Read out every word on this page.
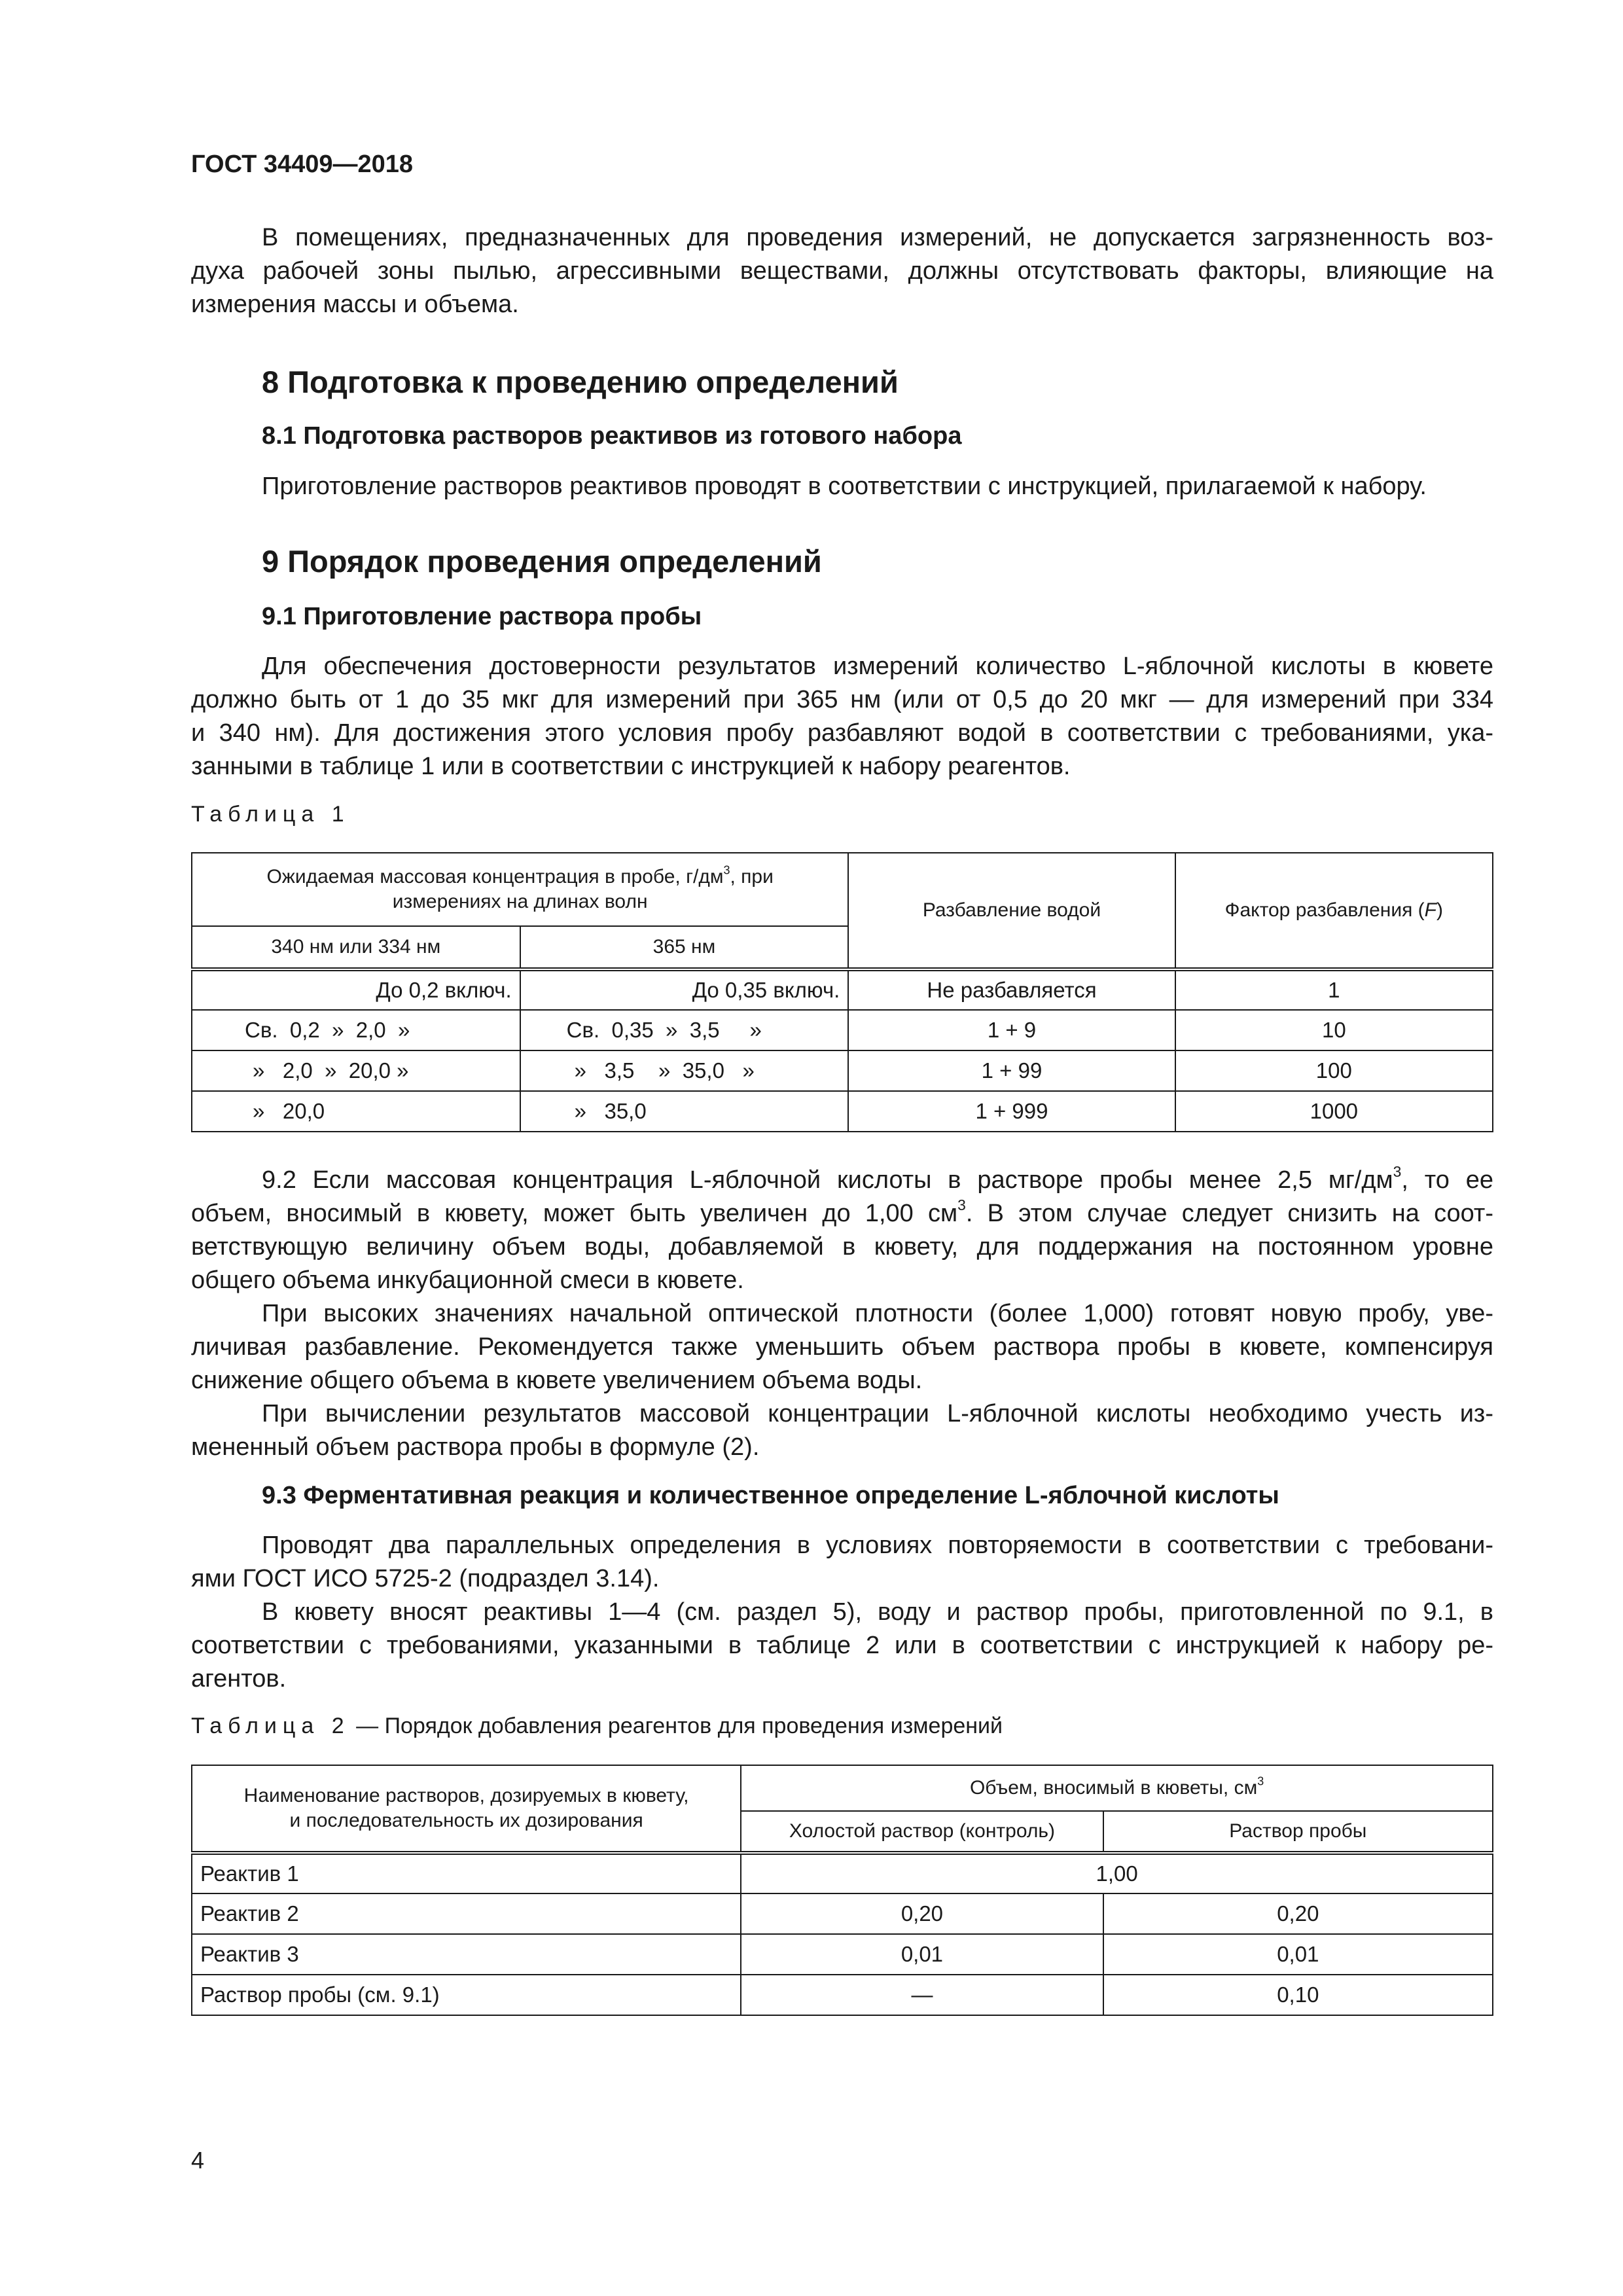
ГОСТ 34409—2018
В помещениях, предназначенных для проведения измерений, не допускается загрязненность воз-
духа рабочей зоны пылью, агрессивными веществами, должны отсутствовать факторы, влияющие на
измерения массы и объема.
8 Подготовка к проведению определений
8.1 Подготовка растворов реактивов из готового набора
Приготовление растворов реактивов проводят в соответствии с инструкцией, прилагаемой к набору.
9 Порядок проведения определений
9.1 Приготовление раствора пробы
Для обеспечения достоверности результатов измерений количество L-яблочной кислоты в кювете
должно быть от 1 до 35 мкг для измерений при 365 нм (или от 0,5 до 20 мкг — для измерений при 334
и 340 нм). Для достижения этого условия пробу разбавляют водой в соответствии с требованиями, ука-
занными в таблице 1 или в соответствии с инструкцией к набору реагентов.
Таблица 1
Ожидаемая массовая концентрация в пробе, $г/дм^3$, при
измерениях на длинах волн		Разбавление водой	Фактор разбавления (F)
340 нм или 334 нм	365 нм		
До 0,2 включ.	До 0,35 включ.	Не разбавляется	1
Св.  0,2  »  2,0  »	Св.  0,35  »  3,5     »	1 + 9	10
»   2,0  »  20,0 »	»   3,5    »  35,0   »	1 + 99	100
»   20,0	»   35,0	1 + 999	1000
9.2 Если массовая концентрация L-яблочной кислоты в растворе пробы менее 2,5 $мг/дм^3$, то ее
объем, вносимый в кювету, может быть увеличен до 1,00 $см^3$. В этом случае следует снизить на соот-
ветствующую величину объем воды, добавляемой в кювету, для поддержания на постоянном уровне
общего объема инкубационной смеси в кювете.
При высоких значениях начальной оптической плотности (более 1,000) готовят новую пробу, уве-
личивая разбавление. Рекомендуется также уменьшить объем раствора пробы в кювете, компенсируя
снижение общего объема в кювете увеличением объема воды.
При вычислении результатов массовой концентрации L-яблочной кислоты необходимо учесть из-
мененный объем раствора пробы в формуле (2).
9.3 Ферментативная реакция и количественное определение L-яблочной кислоты
Проводят два параллельных определения в условиях повторяемости в соответствии с требовани-
ями ГОСТ ИСО 5725-2 (подраздел 3.14).
В кювету вносят реактивы 1—4 (см. раздел 5), воду и раствор пробы, приготовленной по 9.1, в
соответствии с требованиями, указанными в таблице 2 или в соответствии с инструкцией к набору ре-
агентов.
Таблица 2 — Порядок добавления реагентов для проведения измерений
Наименование растворов, дозируемых в кювету,
и последовательность их дозирования	Объем, вносимый в кюветы, $см^3$
	Холостой раствор (контроль)	Раствор пробы
Реактив 1	1,00	
Реактив 2	0,20	0,20
Реактив 3	0,01	0,01
Раствор пробы (см. 9.1)	—	0,10
4
